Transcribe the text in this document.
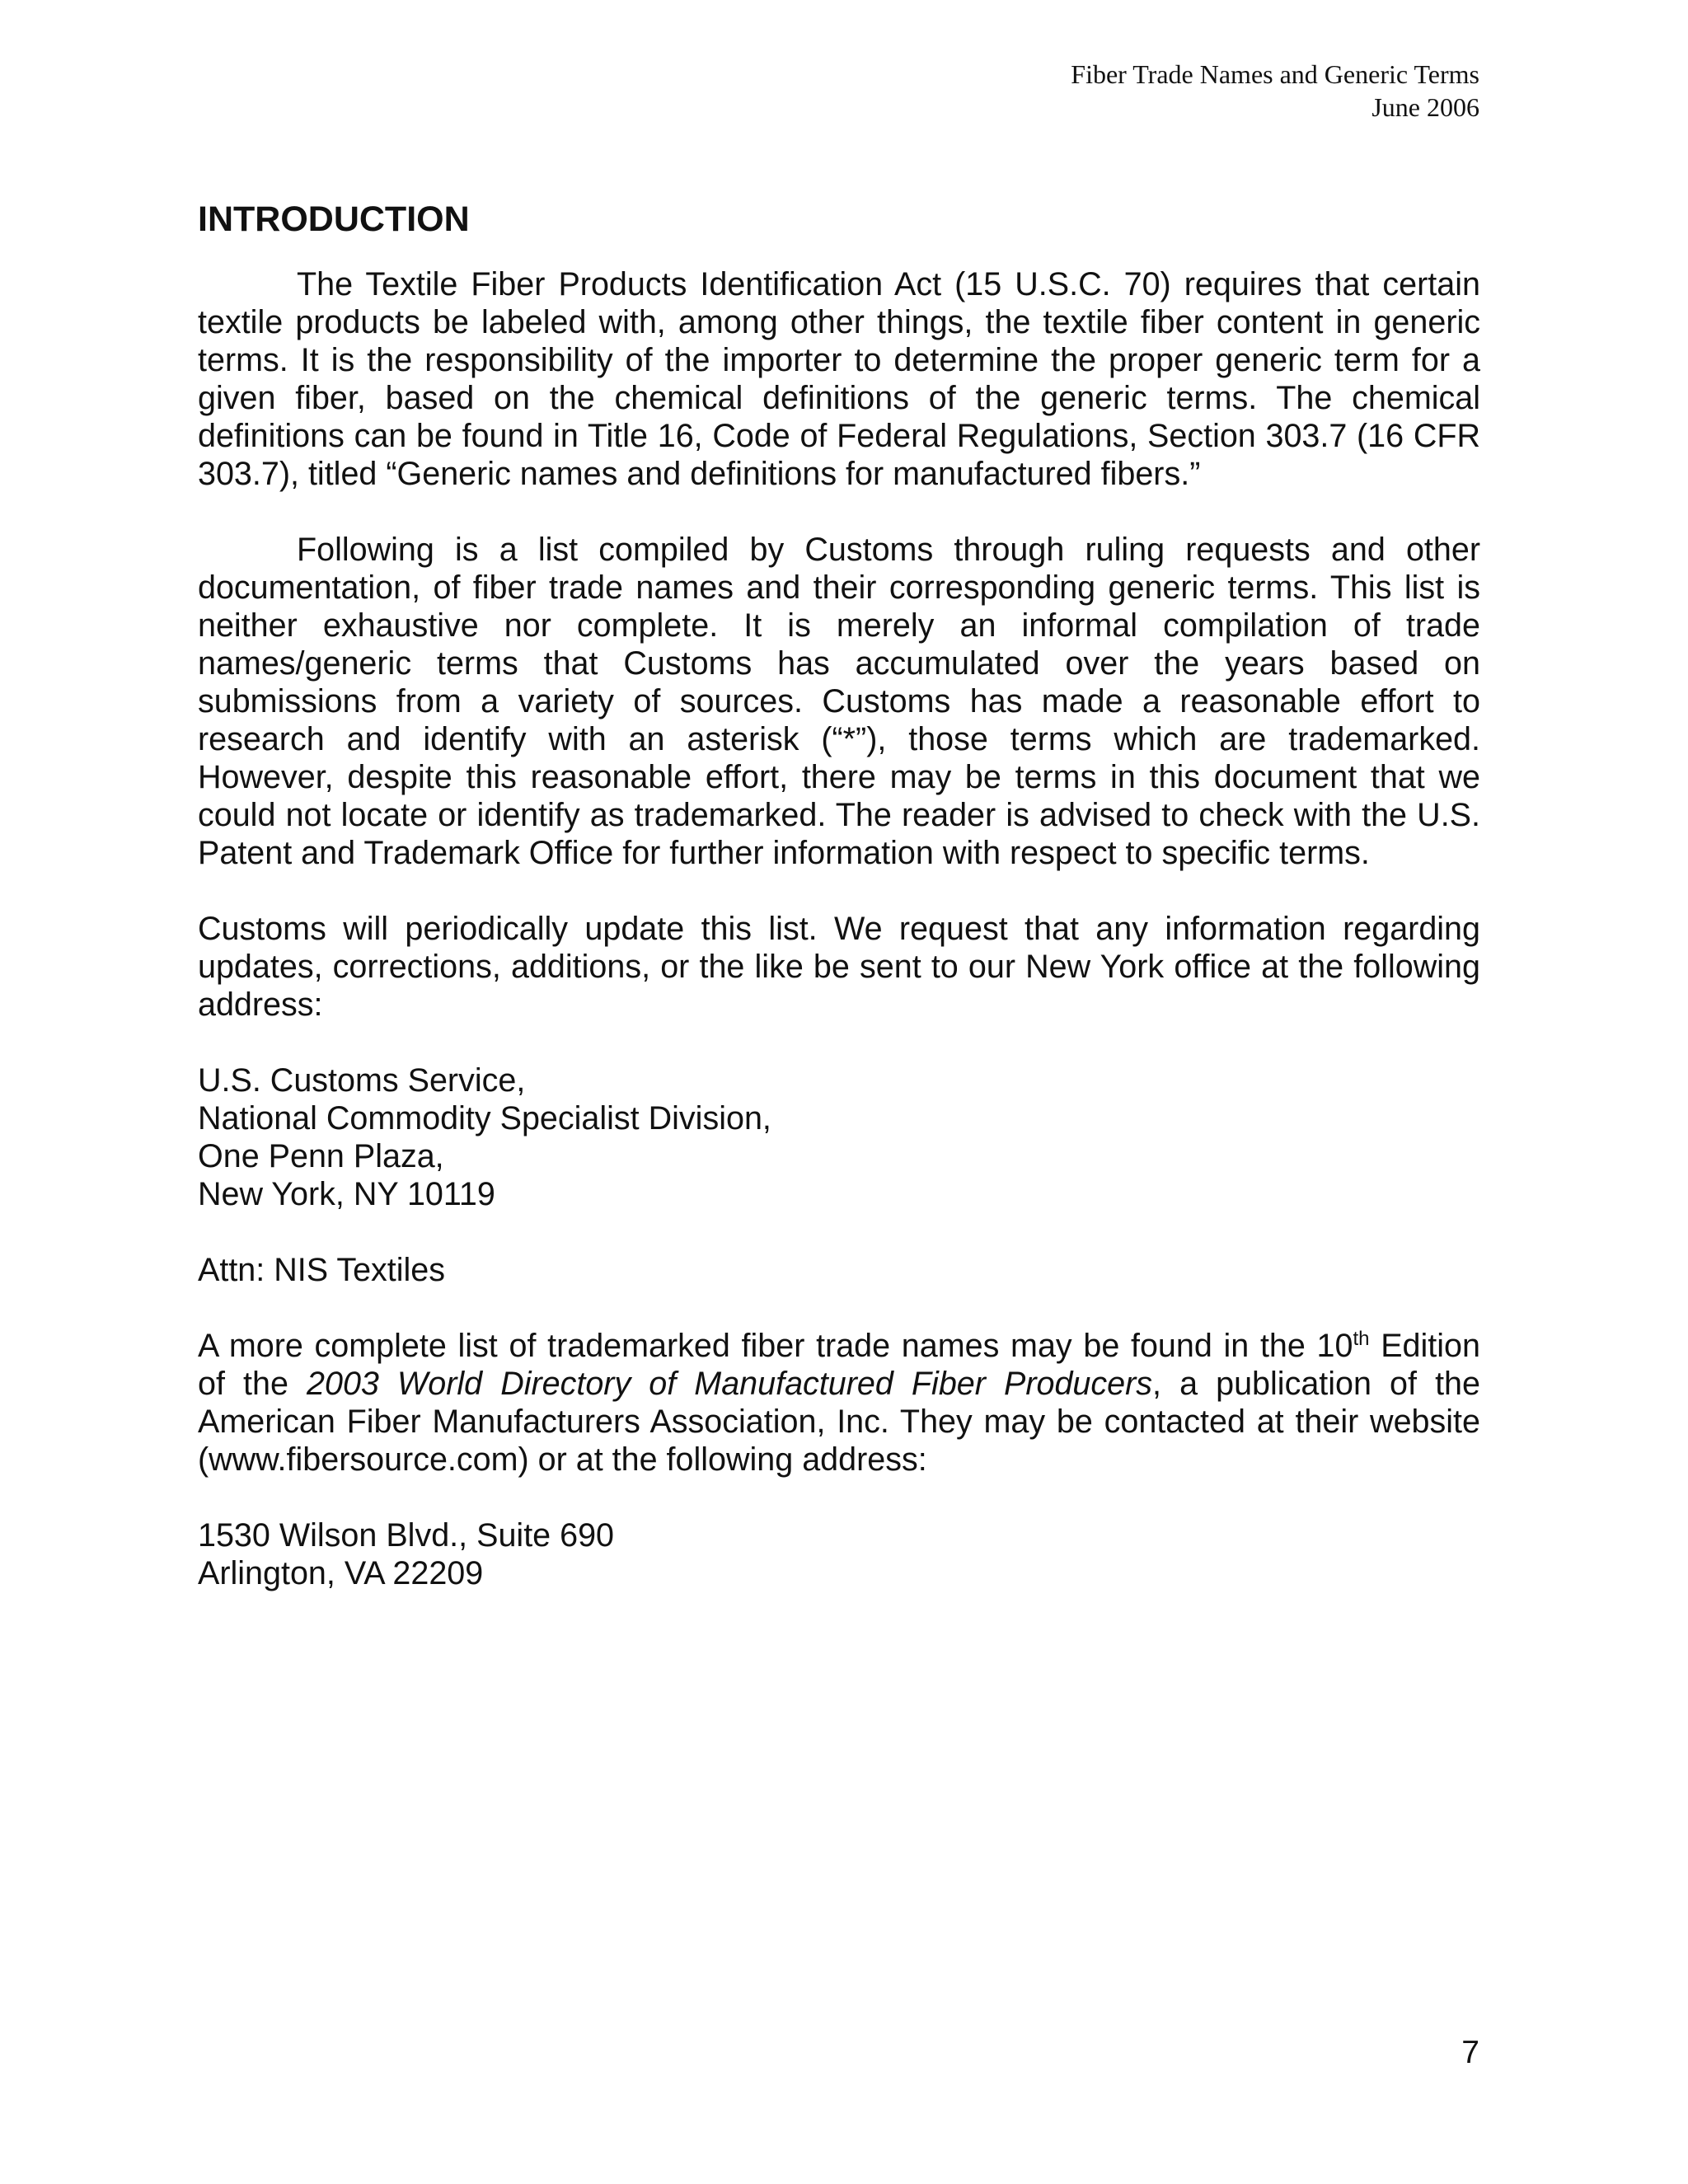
Fiber Trade Names and Generic Terms
June 2006
INTRODUCTION

The Textile Fiber Products Identification Act (15 U.S.C. 70) requires that certain textile products be labeled with, among other things, the textile fiber content in generic terms. It is the responsibility of the importer to determine the proper generic term for a given fiber, based on the chemical definitions of the generic terms. The chemical definitions can be found in Title 16, Code of Federal Regulations, Section 303.7 (16 CFR 303.7), titled “Generic names and definitions for manufactured fibers.”

Following is a list compiled by Customs through ruling requests and other documentation, of fiber trade names and their corresponding generic terms. This list is neither exhaustive nor complete. It is merely an informal compilation of trade names/generic terms that Customs has accumulated over the years based on submissions from a variety of sources. Customs has made a reasonable effort to research and identify with an asterisk (“*”), those terms which are trademarked. However, despite this reasonable effort, there may be terms in this document that we could not locate or identify as trademarked. The reader is advised to check with the U.S. Patent and Trademark Office for further information with respect to specific terms.

Customs will periodically update this list. We request that any information regarding updates, corrections, additions, or the like be sent to our New York office at the following address:

U.S. Customs Service,
National Commodity Specialist Division,
One Penn Plaza,
New York, NY 10119
Attn: NIS Textiles

A more complete list of trademarked fiber trade names may be found in the 10th Edition of the 2003 World Directory of Manufactured Fiber Producers, a publication of the American Fiber Manufacturers Association, Inc. They may be contacted at their website (www.fibersource.com) or at the following address:

1530 Wilson Blvd., Suite 690
Arlington, VA 22209
7
